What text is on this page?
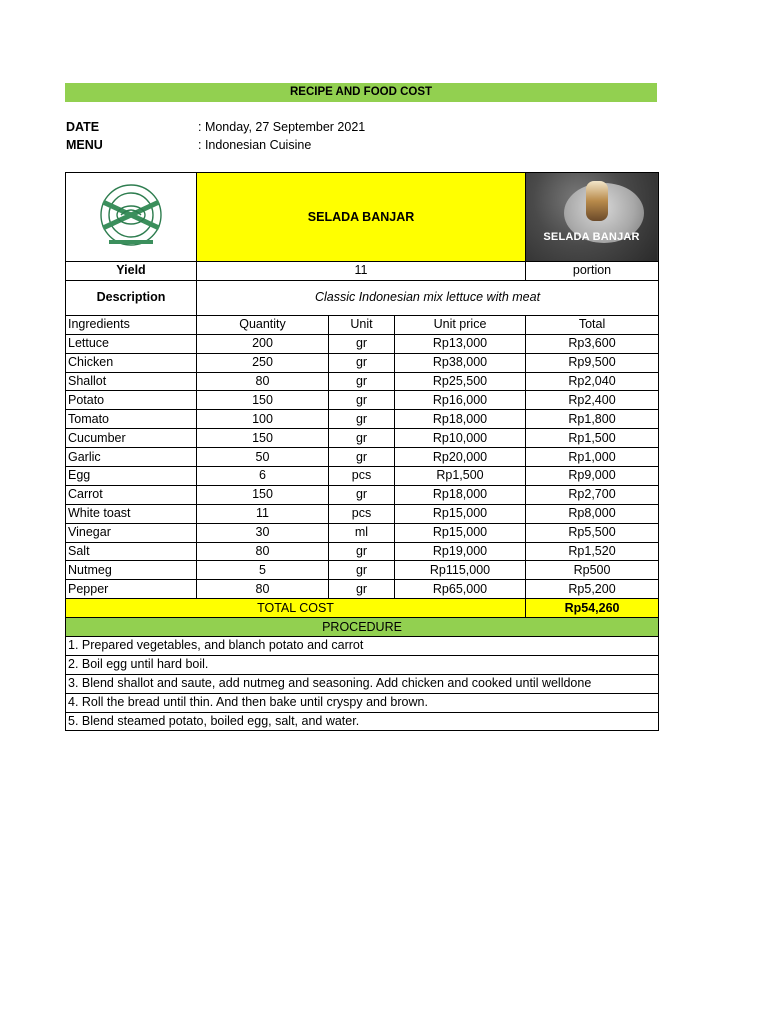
RECIPE AND FOOD COST
DATE	: Monday, 27 September 2021
MENU	: Indonesian Cuisine
	SELADA BANJAR			SELADA BANJAR

Yield	11			portion
Description	Classic Indonesian mix lettuce with meat			
Ingredients	Quantity	Unit	Unit price	Total
Lettuce	200	gr	Rp13,000	Rp3,600
Chicken	250	gr	Rp38,000	Rp9,500
Shallot	80	gr	Rp25,500	Rp2,040
Potato	150	gr	Rp16,000	Rp2,400
Tomato	100	gr	Rp18,000	Rp1,800
Cucumber	150	gr	Rp10,000	Rp1,500
Garlic	50	gr	Rp20,000	Rp1,000
Egg	6	pcs	Rp1,500	Rp9,000
Carrot	150	gr	Rp18,000	Rp2,700
White toast	11	pcs	Rp15,000	Rp8,000
Vinegar	30	ml	Rp15,000	Rp5,500
Salt	80	gr	Rp19,000	Rp1,520
Nutmeg	5	gr	Rp115,000	Rp500
Pepper	80	gr	Rp65,000	Rp5,200
TOTAL COST				Rp54,260
PROCEDURE				
1. Prepared vegetables, and blanch potato and carrot				
2. Boil egg until hard boil.				
3. Blend shallot and saute, add nutmeg and seasoning. Add chicken and cooked until welldone				
4. Roll the bread until thin. And then bake until cryspy and brown.				
5. Blend steamed potato, boiled egg, salt, and water.				
